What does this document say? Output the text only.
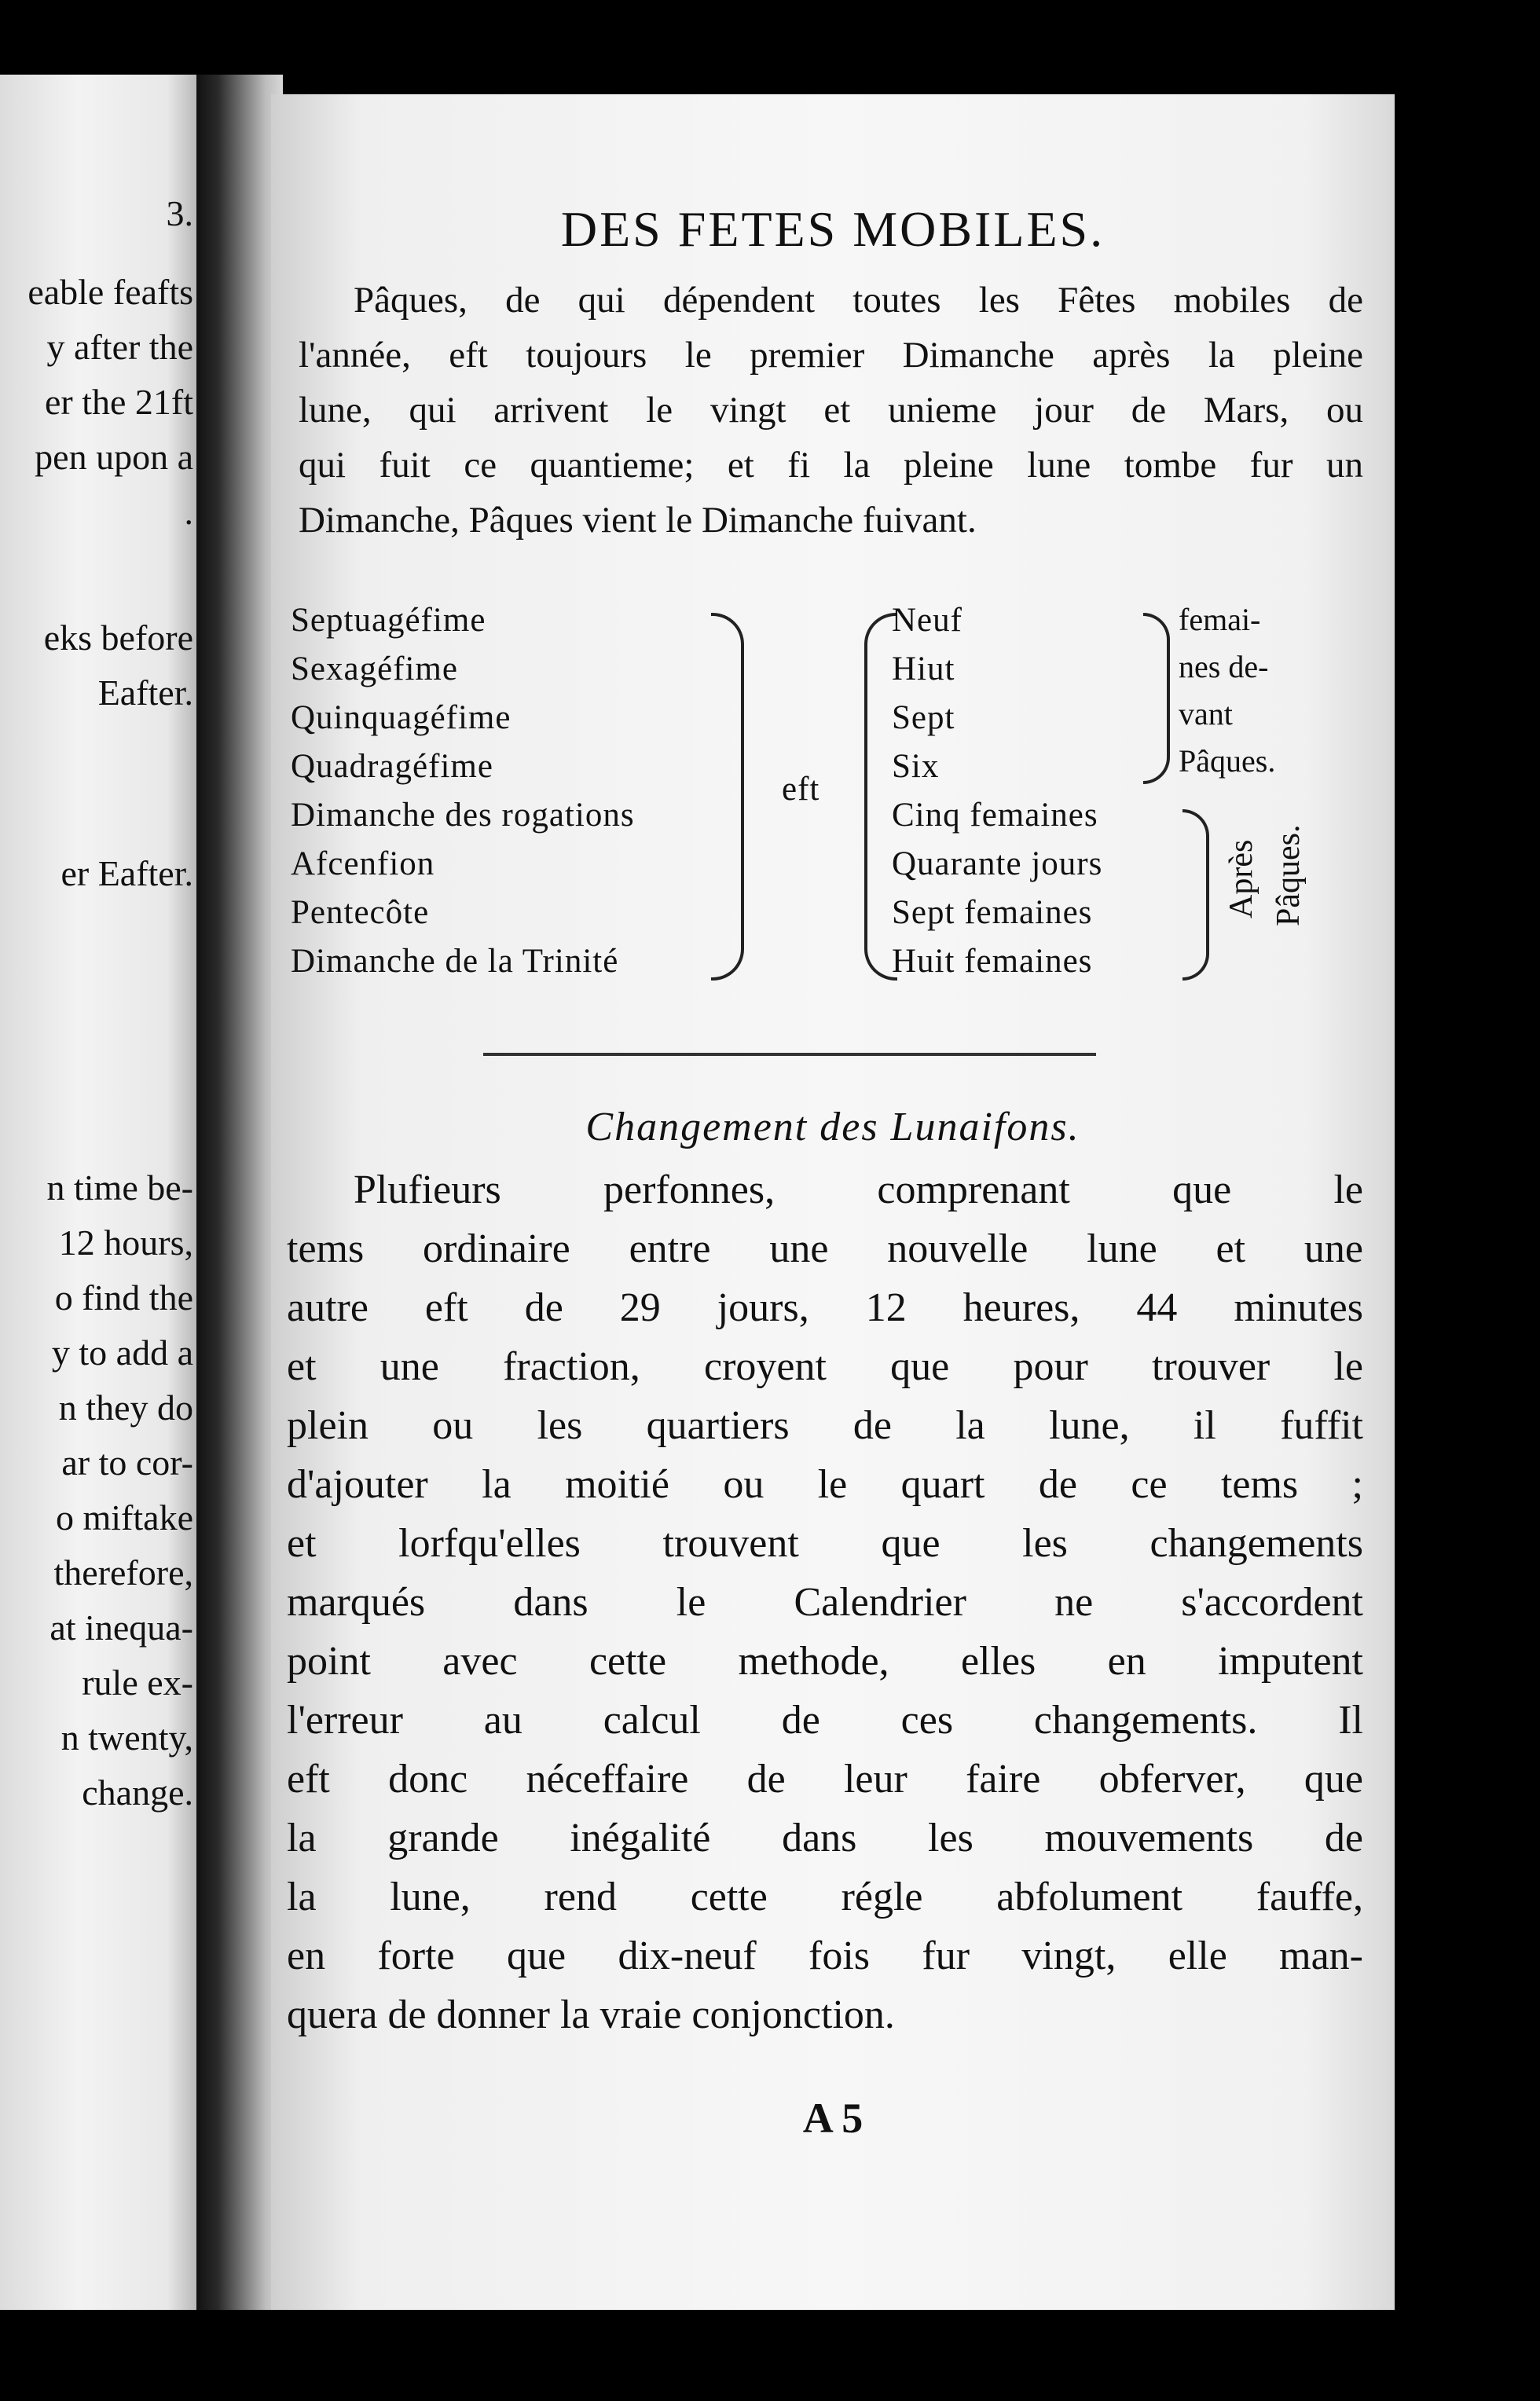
3.
eable feafts
y after the
er the 21ft
pen upon a
.
eks before
Eafter.
er Eafter.
n time be-
12 hours,
o find the
y to add a
n they do
ar to cor-
o miftake
therefore,
at inequa-
rule ex-
n twenty,
change.
DES FETES MOBILES.
Pâques, de qui dépendent toutes les Fêtes mobiles de
l'année, eft toujours le premier Dimanche après la pleine
lune, qui arrivent le vingt et unieme jour de Mars, ou
qui fuit ce quantieme; et fi la pleine lune tombe fur un
Dimanche, Pâques vient le Dimanche fuivant.
Septuagéfime
Sexagéfime
Quinquagéfime
Quadragéfime
Dimanche des rogations
Afcenfion
Pentecôte
Dimanche de la Trinité
eft
Neuf
Hiut
Sept
Six
Cinq femaines
Quarante jours
Sept femaines
Huit femaines
femai-
nes de-
vant
Pâques.
Après Pâques.
Changement des Lunaifons.
Plufieurs perfonnes, comprenant que le
tems ordinaire entre une nouvelle lune et une
autre eft de 29 jours, 12 heures, 44 minutes
et une fraction, croyent que pour trouver le
plein ou les quartiers de la lune, il fuffit
d'ajouter la moitié ou le quart de ce tems ;
et lorfqu'elles trouvent que les changements
marqués dans le Calendrier ne s'accordent
point avec cette methode, elles en imputent
l'erreur au calcul de ces changements. Il
eft donc néceffaire de leur faire obferver, que
la grande inégalité dans les mouvements de
la lune, rend cette régle abfolument fauffe,
en forte que dix-neuf fois fur vingt, elle man-
quera de donner la vraie conjonction.
A 5
